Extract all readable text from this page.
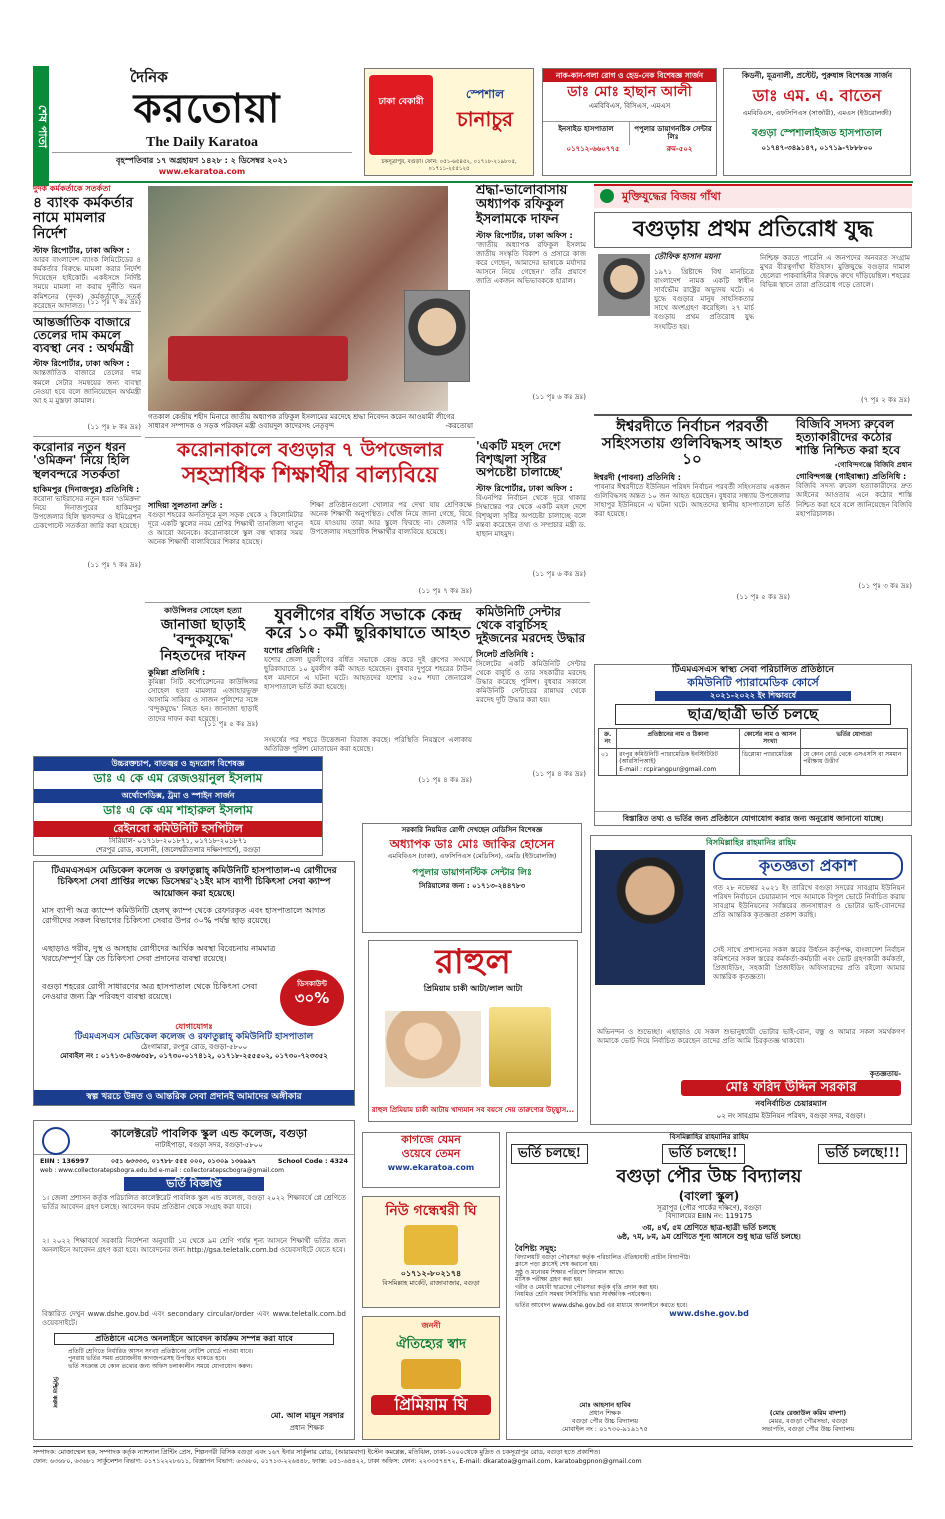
শেষ পাতা
দৈনিক
করতোয়া
The Daily Karatoa
বৃহস্পতিবার ১৭ অগ্রহায়ণ ১৪২৮ : ২ ডিসেম্বর ২০২১
www.ekaratoa.com
ঢাকা বেকারী
স্পেশাল
চানাচুর
চকসূত্রাপুর, বগুড়া। ফোন: ০৫১-৬৫৪৫২, ০১৭১৮-২১৯৮০৫, ০১৭১১-২৫৫১২৫
নাক-কান-গলা রোগ ও হেড-নেক বিশেষজ্ঞ সার্জন
ডাঃ মোঃ হাছান আলী
এমবিবিএস, বিসিএস, এমএস
ইনসাইড হাসপাতাল	পপুলার ডায়াগনষ্টিক সেন্টার লিঃ
০১৭১২-৬৬০৭৭৫	রুম-৫০২
কিডনী, মূত্রনালী, প্রস্টেট, পুরুষাঙ্গ বিশেষজ্ঞ সার্জন
ডাঃ এম. এ. বাতেন
এমবিবিএস, এফসিপিএস (সার্জারী), এমএস (ইউরোলজী)
বগুড়া স্পেশালাইজড হাসপাতাল
০১৭৪৭-৩৪৯১৪৭, ০১৭১৯-৭৮৮৮০০
দুদক কর্মকর্তাকে সতর্কতা
৪ ব্যাংক কর্মকর্তার নামে মামলার নির্দেশ
স্টাফ রিপোর্টার, ঢাকা অফিস :
আরব বাংলাদেশ ব্যাংক লিমিটেডের ৪ কর্মকর্তার বিরুদ্ধে মামলা করার নির্দেশ দিয়েছেন হাইকোর্ট। একইসঙ্গে নির্দিষ্ট সময়ে মামলা না করায় দুর্নীতি দমন কমিশনের (দুদক) কর্মকর্তাকে সতর্ক করেছেন আদালত। (১১ পৃঃ ৭ কঃ দ্রঃ)
আন্তর্জাতিক বাজারে তেলের দাম কমলে ব্যবস্থা নেব : অর্থমন্ত্রী
স্টাফ রিপোর্টার, ঢাকা অফিস :
আন্তর্জাতিক বাজারে তেলের দাম কমলে সেটার সমন্বয়ের জন্য ব্যবস্থা নেওয়া হবে বলে জানিয়েছেন অর্থমন্ত্রী আ হ ম মুস্তফা কামাল।
(১১ পৃঃ ৮ কঃ দ্রঃ)
করোনার নতুন ধরন 'ওমিক্রন' নিয়ে হিলি স্থলবন্দরে সতর্কতা
হাকিমপুর (দিনাজপুর) প্রতিনিধি :
করোনা ভাইরাসের নতুন ধরন 'ওমিক্রন' নিয়ে দিনাজপুরের হাকিমপুর উপজেলার হিলি স্থলবন্দর ও ইমিগ্রেশন চেকপোস্টে সতর্কতা জারি করা হয়েছে।
(১১ পৃঃ ৭ কঃ দ্রঃ)
উচ্চরক্তচাপ, বাতজ্বর ও হৃদরোগ বিশেষজ্ঞ
ডাঃ এ কে এম রেজওয়ানুল ইসলাম
অর্থোপেডিক্স, ট্রমা ও স্পাইন সার্জন
ডাঃ এ কে এম শাহারুল ইসলাম
রেইনবো কমিউনিটি হসপিটাল
সিরিয়াল- ০১৭১৮-২০১৮৭১, ০১৭১৮-২০১৮৭১
শেরপুর রোড, কলোনী, (জলেশ্বরীতলার দক্ষিণপার্শে), বগুড়া
গতকাল কেন্দ্রীয় শহীদ মিনারে জাতীয় অধ্যাপক রফিকুল ইসলামের মরদেহে শ্রদ্ধা নিবেদন করেন আওয়ামী লীগের সাধারণ সম্পাদক ও সড়ক পরিবহন মন্ত্রী ওবায়দুল কাদেরসহ নেতৃবৃন্দ	-করতোয়া
শ্রদ্ধা-ভালোবাসায় অধ্যাপক রফিকুল ইসলামকে দাফন
স্টাফ রিপোর্টার, ঢাকা অফিস :
'জাতীয় অধ্যাপক রফিকুল ইসলাম জাতীয় সংস্কৃতি বিকাশ ও প্রসারে কাজ করে গেছেন, আমাদের ভাষাকে মর্যাদার আসনে নিয়ে গেছেন।' তাঁর প্রয়াণে জাতি একজন অভিভাবককে হারাল।
(১১ পৃঃ ৬ কঃ দ্রঃ)
করোনাকালে বগুড়ার ৭ উপজেলার
সহস্রাধিক শিক্ষার্থীর বাল্যবিয়ে
সাদিয়া সুলতানা দ্রুতি :
বগুড়া শহরের অনতিদূরে মূল সড়ক থেকে ২ কিলোমিটার দূরে একটি স্কুলের নবম শ্রেণির শিক্ষার্থী তানজিলা খাতুন ও আরো অনেকে। করোনাকালে স্কুল বন্ধ থাকার সময় অনেক শিক্ষার্থী বাল্যবিয়ের শিকার হয়েছে।
শিক্ষা প্রতিষ্ঠানগুলো খোলার পর দেখা যায় শ্রেণিকক্ষে অনেক শিক্ষার্থী অনুপস্থিত। খোঁজ নিয়ে জানা গেছে, বিয়ে হয়ে যাওয়ায় তারা আর স্কুলে ফিরছে না। জেলার ৭টি উপজেলায় সহস্রাধিক শিক্ষার্থীর বাল্যবিয়ে হয়েছে।
(১১ পৃঃ ৭ কঃ দ্রঃ)
'একটি মহল দেশে বিশৃঙ্খলা সৃষ্টির অপচেষ্টা চালাচ্ছে'
স্টাফ রিপোর্টার, ঢাকা অফিস :
বিএনপির নির্বাচন থেকে দূরে থাকার সিদ্ধান্তের পর থেকে একটি মহল দেশে বিশৃঙ্খলা সৃষ্টির অপচেষ্টা চালাচ্ছে বলে মন্তব্য করেছেন তথ্য ও সম্প্রচার মন্ত্রী ড. হাছান মাহমুদ।
(১১ পৃঃ ৬ কঃ দ্রঃ)
কাউন্সিলর সোহেল হত্যা
জানাজা ছাড়াই 'বন্দুকযুদ্ধে' নিহতদের দাফন
কুমিল্লা প্রতিনিধি :
কুমিল্লা সিটি কর্পোরেশনের কাউন্সিলর সোহেল হত্যা মামলার এজাহারভুক্ত আসামি সাব্বির ও সাজন পুলিশের সঙ্গে 'বন্দুকযুদ্ধে' নিহত হন। জানাজা ছাড়াই তাদের দাফন করা হয়েছে।
(১১ পৃঃ ৫ কঃ দ্রঃ)
যুবলীগের বর্ধিত সভাকে কেন্দ্র করে ১০ কর্মী ছুরিকাঘাতে আহত
যশোর প্রতিনিধি :
যশোর জেলা যুবলীগের বর্ধিত সভাকে কেন্দ্র করে দুই গ্রুপের সংঘর্ষে ছুরিকাঘাতে ১০ যুবলীগ কর্মী আহত হয়েছেন। বুধবার দুপুরে শহরের টাউন হল ময়দানে এ ঘটনা ঘটে। আহতদের যশোর ২৫০ শয্যা জেনারেল হাসপাতালে ভর্তি করা হয়েছে।
সংঘর্ষের পর শহরে উত্তেজনা বিরাজ করছে। পরিস্থিতি নিয়ন্ত্রণে এলাকায় অতিরিক্ত পুলিশ মোতায়েন করা হয়েছে।
(১১ পৃঃ ৪ কঃ দ্রঃ)
কমিউনিটি সেন্টার থেকে বাবুর্চিসহ দুইজনের মরদেহ উদ্ধার
সিলেট প্রতিনিধি :
সিলেটের একটি কমিউনিটি সেন্টার থেকে বাবুর্চি ও তার সহকারীর মরদেহ উদ্ধার করেছে পুলিশ। বুধবার সকালে কমিউনিটি সেন্টারের রান্নাঘর থেকে মরদেহ দুটি উদ্ধার করা হয়।
(১১ পৃঃ ৪ কঃ দ্রঃ)
মুক্তিযুদ্ধের বিজয় গাঁথা
বগুড়ায় প্রথম প্রতিরোধ যুদ্ধ
তৌফিক হাসান ময়না
১৯৭১ খ্রিষ্টাব্দে বিশ্ব মানচিত্রে বাংলাদেশ নামক একটি স্বাধীন সার্বভৌম রাষ্ট্রের অভ্যুদয় ঘটে। এ যুদ্ধে বগুড়ার মানুষ সাহসিকতার সাথে অংশগ্রহণ করেছিল। ২৭ মার্চ বগুড়ায় প্রথম প্রতিরোধ যুদ্ধ সংঘটিত হয়।
নিশ্চিহ্ন করতে পারেনি এ জনপদের অনবরত সংগ্রাম মুখর বীরত্বগাঁথা ইতিহাস। মুক্তিযুদ্ধে বগুড়ার দামাল ছেলেরা পাকবাহিনীর বিরুদ্ধে রুখে দাঁড়িয়েছিল। শহরের বিভিন্ন স্থানে তারা প্রতিরোধ গড়ে তোলে।
(৭ পৃঃ ২ কঃ দ্রঃ)
ঈশ্বরদীতে নির্বাচন পরবর্তী সহিংসতায় গুলিবিদ্ধসহ আহত ১০
ঈশ্বরদী (পাবনা) প্রতিনিধি :
পাবনার ঈশ্বরদীতে ইউনিয়ন পরিষদ নির্বাচন পরবর্তী সহিংসতায় একজন গুলিবিদ্ধসহ অন্তত ১০ জন আহত হয়েছেন। বুধবার সন্ধ্যায় উপজেলার সাহাপুর ইউনিয়নে এ ঘটনা ঘটে। আহতদের স্থানীয় হাসপাতালে ভর্তি করা হয়েছে।
(১১ পৃঃ ৫ কঃ দ্রঃ)
বিজিবি সদস্য রুবেল হত্যাকারীদের কঠোর শাস্তি নিশ্চিত করা হবে
-গোবিন্দগঞ্জে বিজিবি প্রধান
গোবিন্দগঞ্জ (গাইবান্ধা) প্রতিনিধি :
বিজিবি সদস্য রুবেল হত্যাকারীদের দ্রুত আইনের আওতায় এনে কঠোর শাস্তি নিশ্চিত করা হবে বলে জানিয়েছেন বিজিবি মহাপরিচালক।
(১১ পৃঃ ৩ কঃ দ্রঃ)
টিএমএসএস স্বাস্থ্য সেবা পরিচালিত প্রতিষ্ঠানে
কমিউনিটি প্যারামেডিক কোর্সে
২০২১-২০২২ ইং শিক্ষাবর্ষে
ছাত্র/ছাত্রী ভর্তি চলছে
ক্র. নং	প্রতিষ্ঠানের নাম ও ঠিকানা	কোর্সের নাম ও আসন সংখ্যা	ভর্তির যোগ্যতা
০১	রংপুর কমিউনিটি প্যারামেডিক ইনস্টিটিউট (আরসিপিআই)
E-mail : rcpirangpur@gmail.com	ডিপ্লোমা প্যারামেডিক্স	যে কোন বোর্ড থেকে এসএসসি বা সমমান পরীক্ষায় উত্তীর্ণ
বিস্তারিত তথ্য ও ভর্তির জন্য প্রতিষ্ঠানে যোগাযোগ করার জন্য অনুরোধ জানানো যাচ্ছে।
টিএমএসএস মেডিকেল কলেজ ও রফাতুল্লাহ্ কমিউনিটি হাসপাতাল-এ রোগীদের চিকিৎসা সেবা প্রাপ্তির লক্ষ্যে ডিসেম্বর'২১ইং মাস ব্যাপী চিকিৎসা সেবা ক্যাম্প আয়োজন করা হয়েছে।
মাস ব্যাপী অত্র ক্যাম্পে কমিউনিটি হেলথ্ ক্যাম্প থেকে রেফারকৃত এবং হাসপাতালে আগত রোগীদের সকল বিভাগের চিকিৎসা সেবার উপর ৩০% পর্যন্ত ছাড় রয়েছে।
এছাড়াও গরীব, দুস্থ ও অসহায় রোগীদের আর্থিক অবস্থা বিবেচনায় নামমাত্র খরচে/সম্পূর্ণ ফ্রি তে চিকিৎসা সেবা প্রদানের ব্যবস্থা রয়েছে।
বগুড়া শহরের রোগী সাধারণের অত্র হাসপাতাল থেকে চিকিৎসা সেবা নেওয়ার জন্য ফ্রি পরিবহণ ব্যবস্থা রয়েছে।
ডিসকাউন্ট
৩০%
যোগাযোগঃ
টিএমএসএস মেডিকেল কলেজ ও রফাতুল্লাহ্ কমিউনিটি হাসপাতাল
ঠেংগামারা, রংপুর রোড, বগুড়া-৫৮০০
মোবাইল নং : ০১৭১৩-৪৩৬৩৫৮, ০১৭৩০-০১৭৪১২, ০১৭১৮-২৫৫৫০২, ০১৭৩০-৭২৩৩৫২
স্বল্প খরচে উন্নত ও আন্তরিক সেবা প্রদানই আমাদের অঙ্গীকার
সরকারি নিয়মিত রোগী দেখছেন মেডিসিন বিশেষজ্ঞ
অধ্যাপক ডাঃ মোঃ জাকির হোসেন
এমবিবিএস (ঢাকা), এফসিপিএস (মেডিসিন), এমডি (ইউরোলজি)
পপুলার ডায়াগনস্টিক সেন্টার লিঃ
সিরিয়ালের জন্য : ০১৭১৩-২৪৪৭৮৩
রাহুল
প্রিমিয়াম চাকী আটা/লাল আটা
রাহুল প্রিমিয়াম চাকী আটায় খাদ্যমান সব বয়সে দেয় তারুণ্যের উচ্ছ্বাস...
বিসমিল্লাহির রাহমানির রাহিম
কৃতজ্ঞতা প্রকাশ
গত ২৮ নভেম্বর ২০২১ ইং তারিখে বগুড়া সদরের সাবগ্রাম ইউনিয়ন পরিষদ নির্বাচনে চেয়ারম্যান পদে আমাকে বিপুল ভোটে নির্বাচিত করায় সাবগ্রাম ইউনিয়নের সর্বস্তরের জনসাধারণ ও ভোটার ভাই-বোনদের প্রতি আন্তরিক কৃতজ্ঞতা প্রকাশ করছি।
সেই সাথে প্রশাসনের সকল স্তরের উর্ধতন কর্তৃপক্ষ, বাংলাদেশ নির্বাচন কমিশনের সকল স্তরের কর্মকর্তা-কর্মচারী এবং ভোট গ্রহণকারী কর্মকর্তা, প্রিজাইডিং, সহকারী প্রিজাইডিং অফিসারদের প্রতি রইলো আমার আন্তরিক কৃতজ্ঞতা।
অভিনন্দন ও শুভেচ্ছা। এছাড়াও যে সকল শুভানুধ্যায়ী ভোটার ভাই-বোন, বন্ধু ও আমার সকল সমর্থকগণ আমাকে ভোট দিয়ে নির্বাচিত করেছেন তাদের প্রতি আমি চিরকৃতজ্ঞ থাকবো।
কৃতজ্ঞতায়-
মোঃ ফরিদ উদ্দিন সরকার
নবনির্বাচিত চেয়ারম্যান
০২ নং সাবগ্রাম ইউনিয়ন পরিষদ, বগুড়া সদর, বগুড়া।
কালেক্টরেট পাবলিক স্কুল এন্ড কলেজ, বগুড়া
নাটাইপাড়া, বগুড়া সদর, বগুড়া-৫৮০০
EIIN : 136997	০৫১ ৬৩৩৩৩, ০১৭৮৮ ৫৫৫ ০০০, ০১৩০৯ ১৩৬৯৯৭	School Code : 4324
web : www.collectoratepsbogra.edu.bd e-mail : collectoratepscbogra@gmail.com
ভর্তি বিজ্ঞপ্তি
১। জেলা প্রশাসন কর্তৃক পরিচালিত কালেক্টরেট পাবলিক স্কুল এন্ড কলেজ, বগুড়া ২০২২ শিক্ষাবর্ষে প্লে শ্রেণিতে ভর্তির আবেদন গ্রহণ চলছে। আবেদন ফরম প্রতিষ্ঠান থেকে সংগ্রহ করা যাবে।
২। ২০২২ শিক্ষাবর্ষে সরকারি নির্দেশনা অনুযায়ী ১ম থেকে ৯ম শ্রেণি পর্যন্ত শূন্য আসনে শিক্ষার্থী ভর্তির জন্য অনলাইনে আবেদন গ্রহণ করা হবে। আবেদনের জন্য http://gsa.teletalk.com.bd ওয়েবসাইটে যেতে হবে।
বিস্তারিত দেখুন www.dshe.gov.bd এবং secondary circular/order এবং www.teletalk.com.bd ওয়েবসাইটে।
প্রতিষ্ঠানে এসেও অনলাইনে আবেদন কার্যক্রম সম্পন্ন করা যাবে
প্রতিটি শ্রেণিতে নির্ধারিত আসন সংখ্যা প্রতিষ্ঠানের নোটিশ বোর্ডে পাওয়া যাবে।
পুনরায় ভর্তির সময় প্রয়োজনীয় কাগজপত্রসহ উপস্থিত থাকতে হবে।
ভর্তি সংক্রান্ত যে কোন তথ্যের জন্য অফিস চলাকালীন সময়ে যোগাযোগ করুন।
নিশ্চিত করুন
মো. আল মামুন সরদার
প্রধান শিক্ষক
কাগজে যেমন
ওয়েবে তেমন
www.ekaratoa.com
নিউ গন্ধেশ্বরী ঘি
০১৭১২-৮০২১৭৪
বিসমিল্লাহ মার্কেট, রাজাবাজার, বগুড়া
জননী
ঐতিহ্যের স্বাদ
প্রিমিয়াম ঘি
বিসমিল্লাহির রাহমানির রাহিম
ভর্তি চলছে!	ভর্তি চলছে!!	ভর্তি চলছে!!!
বগুড়া পৌর উচ্চ বিদ্যালয়
(বাংলা স্কুল)
সূত্রাপুর (পৌর পার্কের দক্ষিণে), বগুড়া
বিদ্যালয়ের EIIN নং: 119175
৩য়, ৪র্থ, ৫ম শ্রেণিতে ছাত্র-ছাত্রী ভর্তি চলছে
৬ষ্ঠ, ৭ম, ৮ম, ৯ম শ্রেণিতে শূন্য আসনে শুধু ছাত্র ভর্তি চলছে।
বৈশিষ্ট্য সমূহ:
বিদ্যালয়টি বগুড়া পৌরসভা কর্তৃক পরিচালিত ঐতিহ্যবাহী প্রাচীন বিদ্যাপীঠ।
ক্লাসে পড়া ক্লাসেই শেষ করানো হয়।
সুষ্ঠু ও মনোরম শিক্ষার পরিবেশ বিদ্যমান আছে।
মাসিক পরীক্ষা গ্রহণ করা হয়।
গরীব ও মেধাবী ছাত্রদের পৌরসভা কর্তৃক বৃত্তি প্রদান করা হয়।
নিয়মিত শ্রেণি সমন্বয় সিসিটিভি দ্বারা সার্বক্ষণিক পর্যবেক্ষণ।
ভর্তির আবেদন www.dshe.gov.bd এর মাধ্যমে অনলাইনে করতে হবে।
www.dshe.gov.bd
মোঃ আহসান হাবিব
প্রধান শিক্ষক
বগুড়া পৌর উচ্চ বিদ্যালয়
মোবাইল নং : ০১৭৩০-৯১৯১৭৫
(মোঃ রেজাউল করিম বাদশা)
মেয়র, বগুড়া পৌরসভা, বগুড়া
সভাপতি, বগুড়া পৌর উচ্চ বিদ্যালয়
সম্পাদক: মোজাম্মেল হক, সম্পাদক কর্তৃক ন্যাশনাল প্রিন্টিং প্রেস, শিল্পনগরী বিসিক বগুড়া এবং ১৬৭ ইনার সার্কুলার রোড, (আরামবাগ) ইস্টেন কমপ্লেক্স, মতিঝিল, ঢাকা-১০০০থেকে মুদ্রিত ও চকসূত্রাপুর রোড, বগুড়া হতে প্রকাশিত।
ফোন: ৬৩৬৮০, ৬৩৬৮১ সার্কুলেশন বিভাগ: ০১৭১২২২৮৬১১, বিজ্ঞাপন বিভাগ: ৬৩৬৮০, ০১৭১৩-২২৬৪৪৮, ফ্যাক্স: ০৫১-৬৪৪২২, ঢাকা অফিস: ফোন: ২২৩৩৫৭৪৭২, E-mail: dkaratoa@gmail.com, karatoabgpnon@gmail.com
